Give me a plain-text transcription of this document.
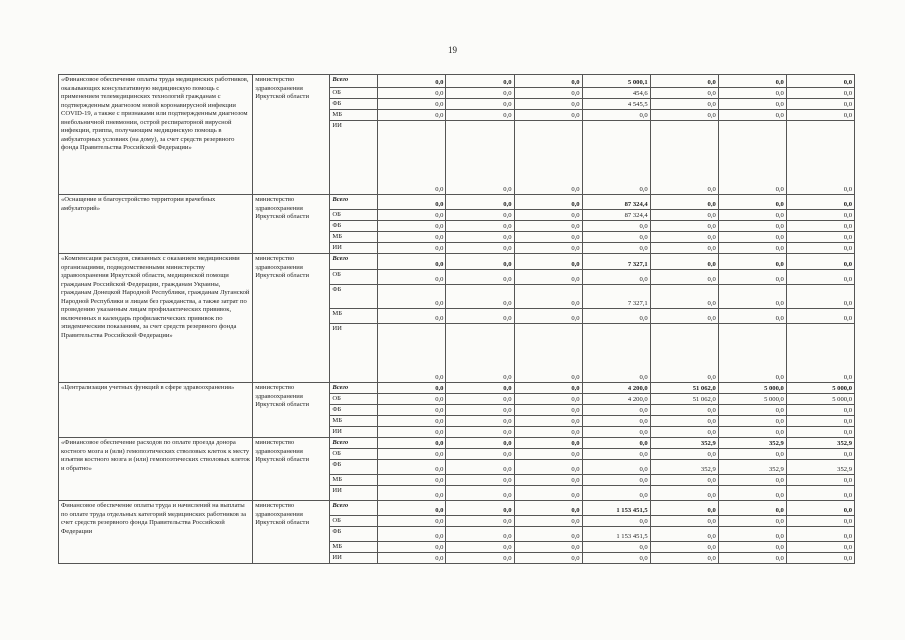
19
«Финансовое обеспечение оплаты труда медицинских работников, оказывающих консультативную медицинскую помощь с применением телемедицинских технологий гражданам с подтвержденным диагнозом новой коронавирусной инфекции COVID-19, а также с признаками или подтвержденным диагнозом внебольничной пневмонии, острой респираторной вирусной инфекции, гриппа, получающим медицинскую помощь в амбулаторных условиях (на дому), за счет средств резервного фонда Правительства Российской Федерации»	министерство здравоохранения Иркутской области	Всего	0,0	0,0	0,0	5 000,1	0,0	0,0	0,0
		ОБ	0,0	0,0	0,0	454,6	0,0	0,0	0,0
		ФБ	0,0	0,0	0,0	4 545,5	0,0	0,0	0,0
		МБ	0,0	0,0	0,0	0,0	0,0	0,0	0,0
		ИИ	0,0	0,0	0,0	0,0	0,0	0,0	0,0
«Оснащение и благоустройство территории врачебных амбулаторий»	министерство здравоохранения Иркутской области	Всего	0,0	0,0	0,0	87 324,4	0,0	0,0	0,0
		ОБ	0,0	0,0	0,0	87 324,4	0,0	0,0	0,0
		ФБ	0,0	0,0	0,0	0,0	0,0	0,0	0,0
		МБ	0,0	0,0	0,0	0,0	0,0	0,0	0,0
		ИИ	0,0	0,0	0,0	0,0	0,0	0,0	0,0
«Компенсация расходов, связанных с оказанием медицинскими организациями, подведомственными министерству здравоохранения Иркутской области, медицинской помощи гражданам Российской Федерации, гражданам Украины, гражданам Донецкой Народной Республики, гражданам Луганской Народной Республики и лицам без гражданства, а также затрат по проведению указанным лицам профилактических прививок, включенных в календарь профилактических прививок по эпидемическим показаниям, за счет средств резервного фонда Правительства Российской Федерации»	министерство здравоохранения Иркутской области	Всего	0,0	0,0	0,0	7 327,1	0,0	0,0	0,0
		ОБ	0,0	0,0	0,0	0,0	0,0	0,0	0,0
		ФБ	0,0	0,0	0,0	7 327,1	0,0	0,0	0,0
		МБ	0,0	0,0	0,0	0,0	0,0	0,0	0,0
		ИИ	0,0	0,0	0,0	0,0	0,0	0,0	0,0
«Централизация учетных функций в сфере здравоохранения»	министерство здравоохранения Иркутской области	Всего	0,0	0,0	0,0	4 200,0	51 062,0	5 000,0	5 000,0
		ОБ	0,0	0,0	0,0	4 200,0	51 062,0	5 000,0	5 000,0
		ФБ	0,0	0,0	0,0	0,0	0,0	0,0	0,0
		МБ	0,0	0,0	0,0	0,0	0,0	0,0	0,0
		ИИ	0,0	0,0	0,0	0,0	0,0	0,0	0,0
«Финансовое обеспечение расходов по оплате проезда донора костного мозга и (или) гемопоэтических стволовых клеток к месту изъятия костного мозга и (или) гемопоэтических стволовых клеток и обратно»	министерство здравоохранения Иркутской области	Всего	0,0	0,0	0,0	0,0	352,9	352,9	352,9
		ОБ	0,0	0,0	0,0	0,0	0,0	0,0	0,0
		ФБ	0,0	0,0	0,0	0,0	352,9	352,9	352,9
		МБ	0,0	0,0	0,0	0,0	0,0	0,0	0,0
		ИИ	0,0	0,0	0,0	0,0	0,0	0,0	0,0
Финансовое обеспечение оплаты труда и начислений на выплаты по оплате труда отдельных категорий медицинских работников за счет средств резервного фонда Правительства Российской Федерации	министерство здравоохранения Иркутской области	Всего	0,0	0,0	0,0	1 153 451,5	0,0	0,0	0,0
		ОБ	0,0	0,0	0,0	0,0	0,0	0,0	0,0
		ФБ	0,0	0,0	0,0	1 153 451,5	0,0	0,0	0,0
		МБ	0,0	0,0	0,0	0,0	0,0	0,0	0,0
		ИИ	0,0	0,0	0,0	0,0	0,0	0,0	0,0
